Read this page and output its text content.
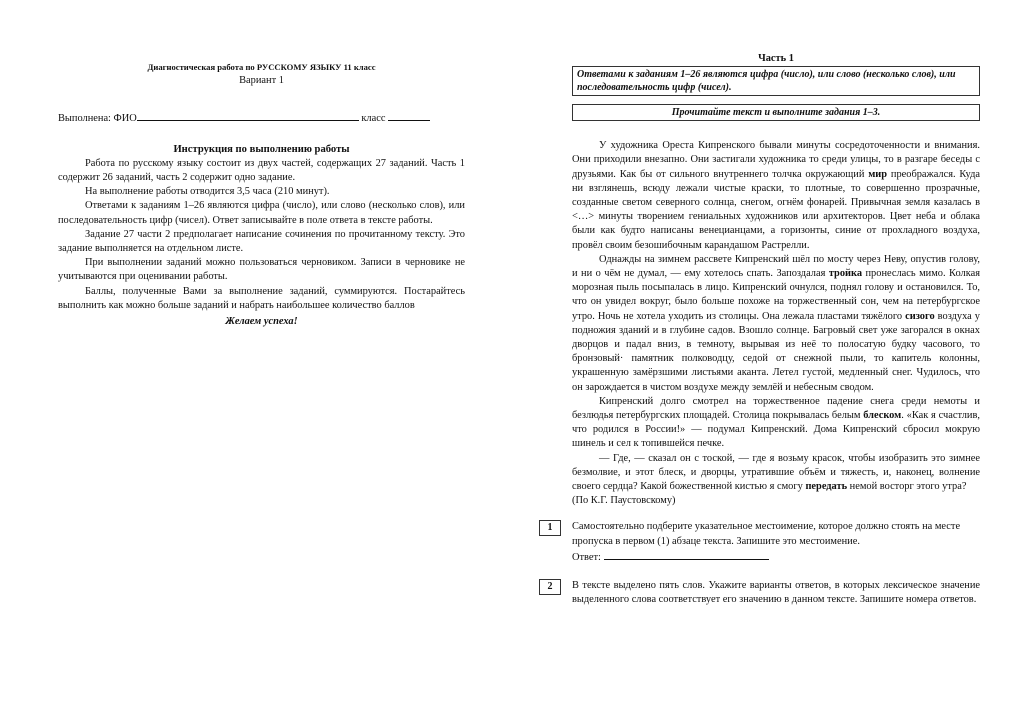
Диагностическая работа по РУССКОМУ ЯЗЫКУ 11 класс
Вариант 1
Выполнена: ФИО	класс
Инструкция по выполнению работы

Работа по русскому языку состоит из двух частей, содержащих 27 заданий. Часть 1 содержит 26 заданий, часть 2 содержит одно задание.

На выполнение работы отводится 3,5 часа (210 минут).

Ответами к заданиям 1–26 являются цифра (число), или слово (несколько слов), или последовательность цифр (чисел). Ответ записывайте в поле ответа в тексте работы.

Задание 27 части 2 предполагает написание сочинения по прочитанному тексту. Это задание выполняется на отдельном листе.

При выполнении заданий можно пользоваться черновиком. Записи в черновике не учитываются при оценивании работы.

Баллы, полученные Вами за выполнение заданий, суммируются. Постарайтесь выполнить как можно больше заданий и набрать наибольшее количество баллов

Желаем успеха!
Часть 1
Ответами к заданиям 1–26 являются цифра (число), или слово (несколько слов), или последовательность цифр (чисел).
Прочитайте текст и выполните задания 1–3.

У художника Ореста Кипренского бывали минуты сосредоточенности и внимания. Они приходили внезапно. Они застигали художника то среди улицы, то в разгаре беседы с друзьями. Как бы от сильного внутреннего толчка окружающий мир преображался. Куда ни взглянешь, всюду лежали чистые краски, то плотные, то совершенно прозрачные, созданные светом северного солнца, снегом, огнём фонарей. Привычная земля казалась в <…> минуты творением гениальных художников или архитекторов. Цвет неба и облака были как будто написаны венецианцами, а горизонты, синие от прохладного воздуха, провёл своим безошибочным карандашом Растрелли.

Однажды на зимнем рассвете Кипренский шёл по мосту через Неву, опустив голову, и ни о чём не думал, — ему хотелось спать. Запоздалая тройка пронеслась мимо. Колкая морозная пыль посыпалась в лицо. Кипренский очнулся, поднял голову и остановился. То, что он увидел вокруг, было больше похоже на торжественный сон, чем на петербургское утро. Ночь не хотела уходить из столицы. Она лежала пластами тяжёлого сизого воздуха у подножия зданий и в глубине садов. Взошло солнце. Багровый свет уже загорался в окнах дворцов и падал вниз, в темноту, вырывая из неё то полосатую будку часового, то бронзовый· памятник полководцу, седой от снежной пыли, то капитель колонны, украшенную замёрзшими листьями аканта. Летел густой, медленный снег. Чудилось, что он зарождается в чистом воздухе между землёй и небесным сводом.

Кипренский долго смотрел на торжественное падение снега среди немоты и безлюдья петербургских площадей. Столица покрывалась белым блеском. «Как я счастлив, что родился в России!» — подумал Кипренский. Дома Кипренский сбросил мокрую шинель и сел к топившейся печке.

— Где, — сказал он с тоской, — где я возьму красок, чтобы изобразить это зимнее безмолвие, и этот блеск, и дворцы, утратившие объём и тяжесть, и, наконец, волнение своего сердца? Какой божественной кистью я смогу передать немой восторг этого утра?

(По К.Г. Паустовскому)

1	Самостоятельно подберите указательное местоимение, которое должно стоять на месте пропуска в первом (1) абзаце текста. Запишите это местоимение.

Ответ:
2	В тексте выделено пять слов. Укажите варианты ответов, в которых лексическое значение выделенного слова соответствует его значению в данном тексте. Запишите номера ответов.
